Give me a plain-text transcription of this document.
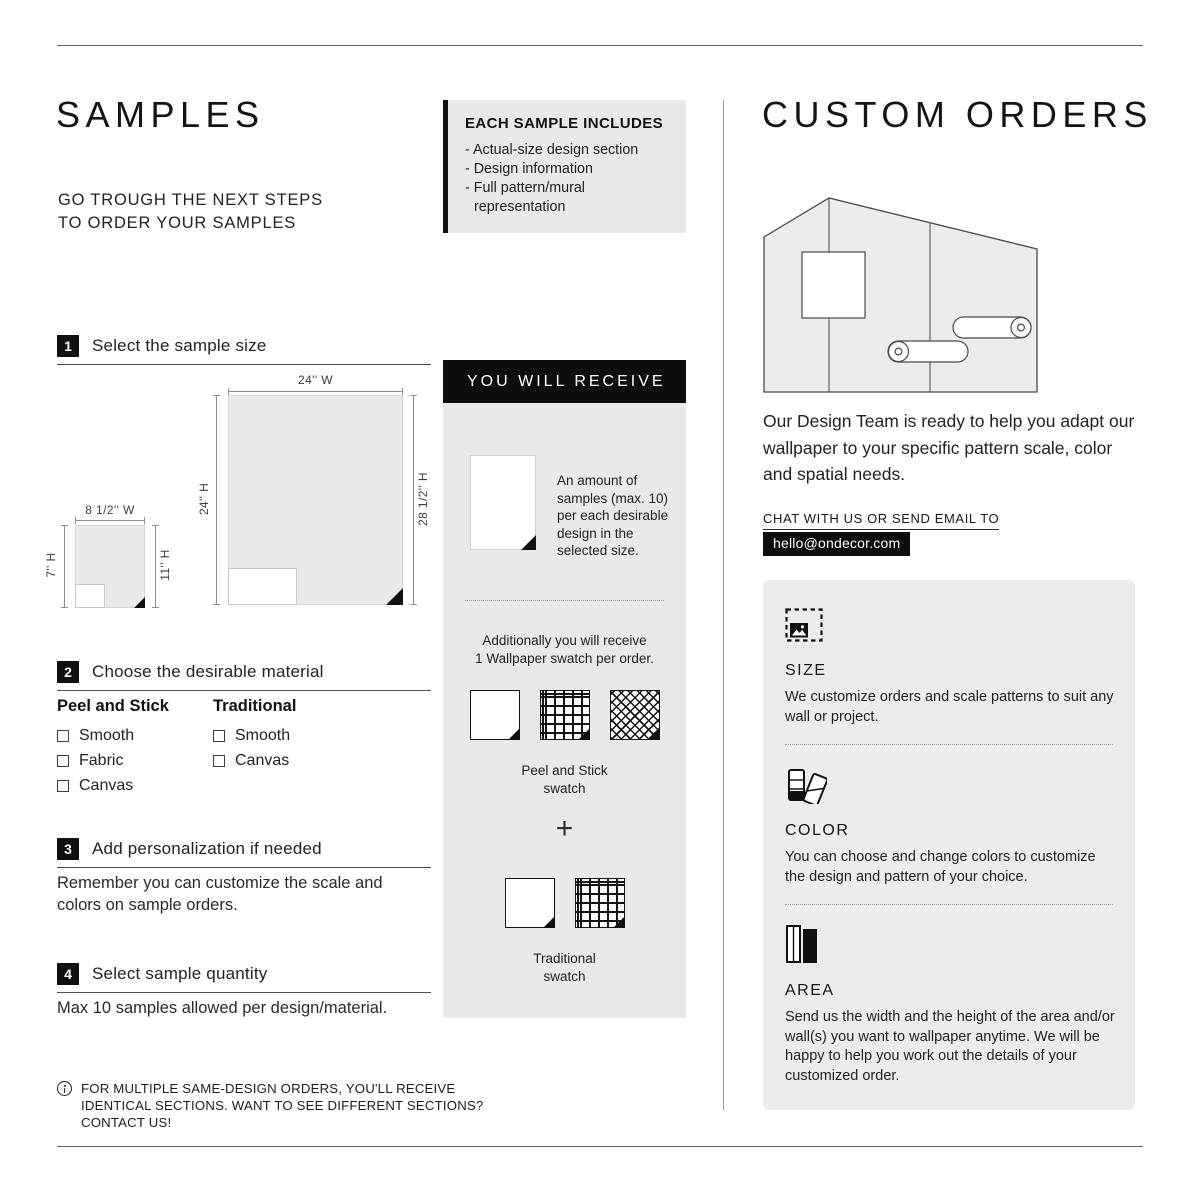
SAMPLES
GO TROUGH THE NEXT STEPS
TO ORDER YOUR SAMPLES
EACH SAMPLE INCLUDES
- Actual-size design section
- Design information
- Full pattern/mural representation
1	Select the sample size
24'' W
24'' H	28 1/2'' H
8 1/2'' W
7'' H	11'' H
2	Choose the desirable material
Peel and Stick
Smooth
Fabric
Canvas
Traditional
Smooth
Canvas
3	Add personalization if needed

Remember you can customize the scale and colors on sample orders.

4	Select sample quantity

Max 10 samples allowed per design/material.

FOR MULTIPLE SAME-DESIGN ORDERS, YOU'LL RECEIVE IDENTICAL SECTIONS. WANT TO SEE DIFFERENT SECTIONS? CONTACT US!

YOU WILL RECEIVE

An amount of samples (max. 10) per each desirable design in the selected size.

Additionally you will receive
1 Wallpaper swatch per order.
Peel and Stick
swatch
+
Traditional
swatch
CUSTOM ORDERS

Our Design Team is ready to help you adapt our wallpaper to your specific pattern scale, color and spatial needs.

CHAT WITH US OR SEND EMAIL TO
hello@ondecor.com
SIZE

We customize orders and scale patterns to suit any wall or project.

COLOR

You can choose and change colors to customize the design and pattern of your choice.

AREA

Send us the width and the height of the area and/or wall(s) you want to wallpaper anytime. We will be happy to help you work out the details of your customized order.
